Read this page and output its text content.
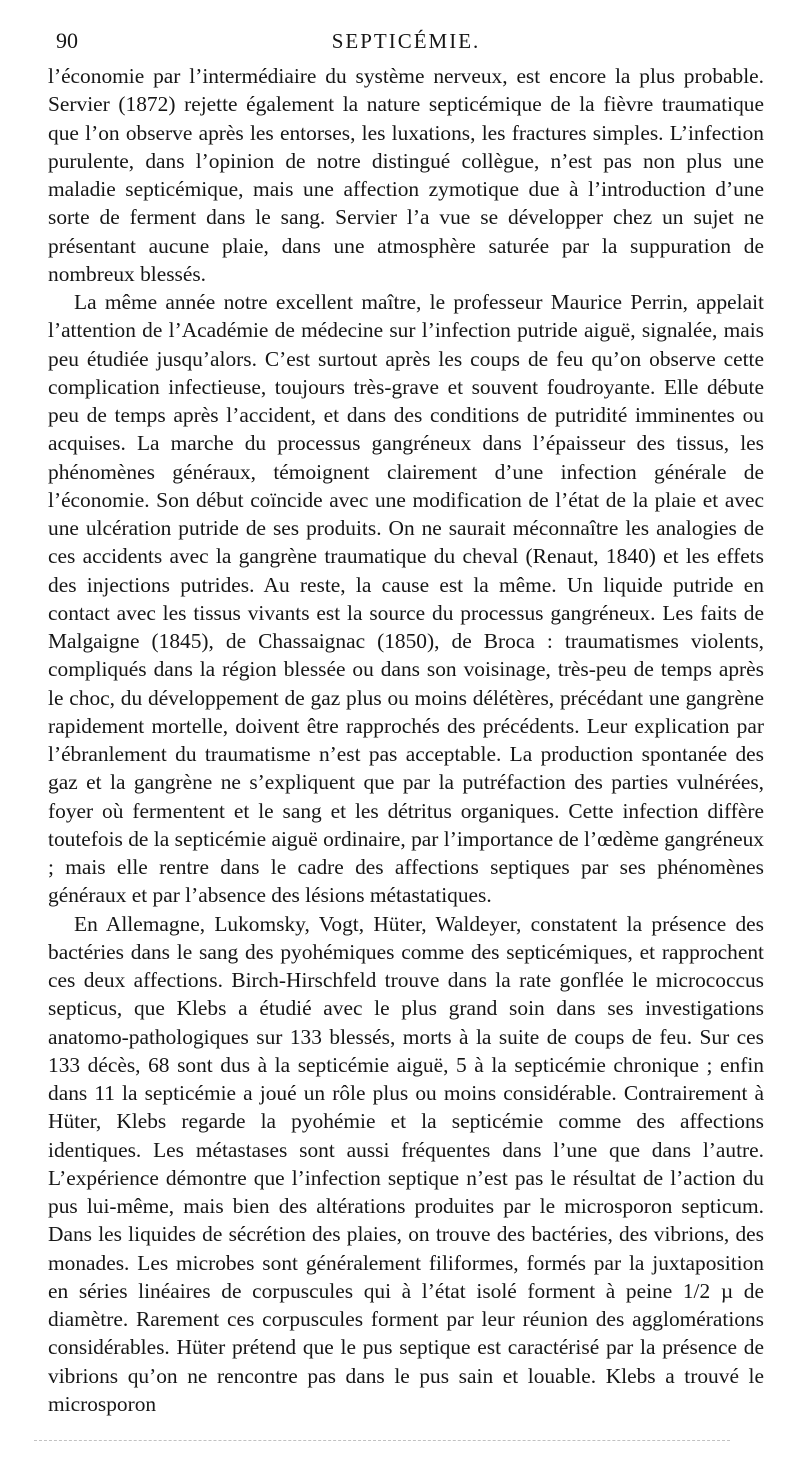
90	SEPTICÉMIE.

l’économie par l’intermédiaire du système nerveux, est encore la plus probable. Servier (1872) rejette également la nature septicémique de la fièvre traumatique que l’on observe après les entorses, les luxations, les fractures simples. L’infection purulente, dans l’opinion de notre distingué collègue, n’est pas non plus une maladie septicémique, mais une affection zymotique due à l’introduction d’une sorte de ferment dans le sang. Servier l’a vue se développer chez un sujet ne présentant aucune plaie, dans une atmosphère saturée par la suppuration de nombreux blessés.

La même année notre excellent maître, le professeur Maurice Perrin, appelait l’attention de l’Académie de médecine sur l’infection putride aiguë, signalée, mais peu étudiée jusqu’alors. C’est surtout après les coups de feu qu’on observe cette complication infectieuse, toujours très-grave et souvent foudroyante. Elle débute peu de temps après l’accident, et dans des conditions de putridité imminentes ou acquises. La marche du processus gangréneux dans l’épaisseur des tissus, les phénomènes généraux, témoignent clairement d’une infection générale de l’économie. Son début coïncide avec une modification de l’état de la plaie et avec une ulcération putride de ses produits. On ne saurait méconnaître les analogies de ces accidents avec la gangrène traumatique du cheval (Renaut, 1840) et les effets des injections putrides. Au reste, la cause est la même. Un liquide putride en contact avec les tissus vivants est la source du processus gangréneux. Les faits de Malgaigne (1845), de Chassaignac (1850), de Broca : traumatismes violents, compliqués dans la région blessée ou dans son voisinage, très-peu de temps après le choc, du développement de gaz plus ou moins délétères, précédant une gangrène rapidement mortelle, doivent être rapprochés des précédents. Leur explication par l’ébranlement du traumatisme n’est pas acceptable. La production spontanée des gaz et la gangrène ne s’expliquent que par la putréfaction des parties vulnérées, foyer où fermentent et le sang et les détritus organiques. Cette infection diffère toutefois de la septicémie aiguë ordinaire, par l’importance de l’œdème gangréneux ; mais elle rentre dans le cadre des affections septiques par ses phénomènes généraux et par l’absence des lésions métastatiques.

En Allemagne, Lukomsky, Vogt, Hüter, Waldeyer, constatent la présence des bactéries dans le sang des pyohémiques comme des septicémiques, et rapprochent ces deux affections. Birch-Hirschfeld trouve dans la rate gonflée le micrococcus septicus, que Klebs a étudié avec le plus grand soin dans ses investigations anatomo-pathologiques sur 133 blessés, morts à la suite de coups de feu. Sur ces 133 décès, 68 sont dus à la septicémie aiguë, 5 à la septicémie chronique ; enfin dans 11 la septicémie a joué un rôle plus ou moins considérable. Contrairement à Hüter, Klebs regarde la pyohémie et la septicémie comme des affections identiques. Les métastases sont aussi fréquentes dans l’une que dans l’autre. L’expérience démontre que l’infection septique n’est pas le résultat de l’action du pus lui-même, mais bien des altérations produites par le microsporon septicum. Dans les liquides de sécrétion des plaies, on trouve des bactéries, des vibrions, des monades. Les microbes sont généralement filiformes, formés par la juxtaposition en séries linéaires de corpuscules qui à l’état isolé forment à peine 1/2 µ de diamètre. Rarement ces corpuscules forment par leur réunion des agglomérations considérables. Hüter prétend que le pus septique est caractérisé par la présence de vibrions qu’on ne rencontre pas dans le pus sain et louable. Klebs a trouvé le microsporon
